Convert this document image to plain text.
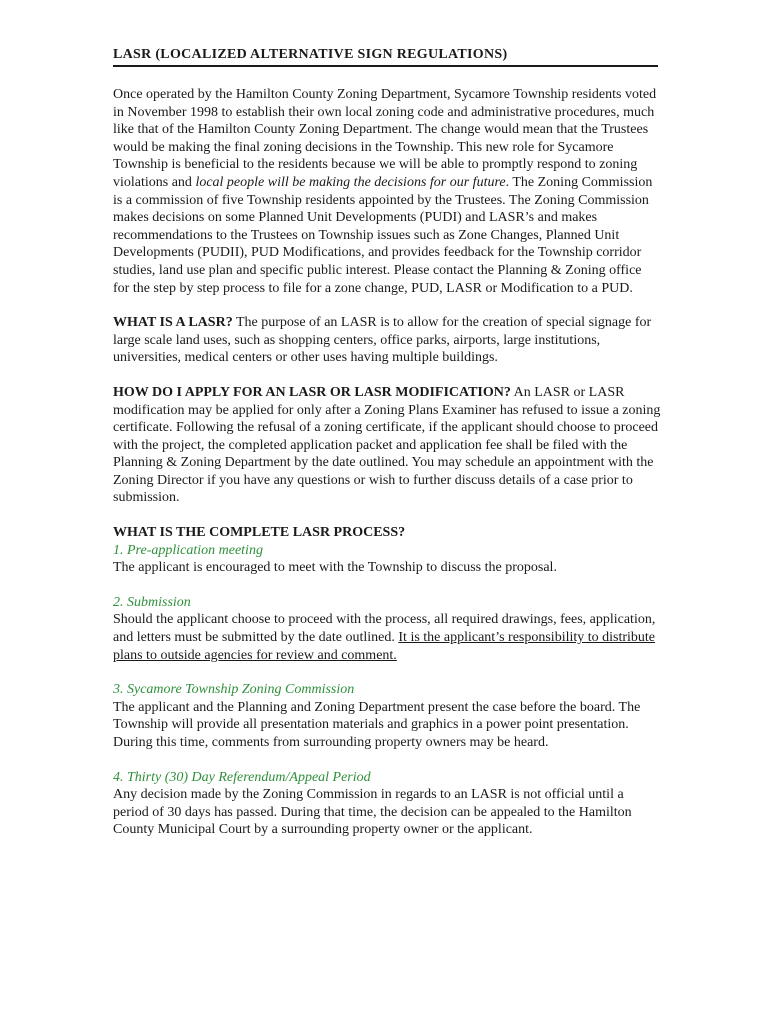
LASR (LOCALIZED ALTERNATIVE SIGN REGULATIONS)

Once operated by the Hamilton County Zoning Department, Sycamore Township residents voted in November 1998 to establish their own local zoning code and administrative procedures, much like that of the Hamilton County Zoning Department. The change would mean that the Trustees would be making the final zoning decisions in the Township. This new role for Sycamore Township is beneficial to the residents because we will be able to promptly respond to zoning violations and local people will be making the decisions for our future. The Zoning Commission is a commission of five Township residents appointed by the Trustees. The Zoning Commission makes decisions on some Planned Unit Developments (PUDI) and LASR’s and makes recommendations to the Trustees on Township issues such as Zone Changes, Planned Unit Developments (PUDII), PUD Modifications, and provides feedback for the Township corridor studies, land use plan and specific public interest. Please contact the Planning & Zoning office for the step by step process to file for a zone change, PUD, LASR or Modification to a PUD.

WHAT IS A LASR? The purpose of an LASR is to allow for the creation of special signage for large scale land uses, such as shopping centers, office parks, airports, large institutions, universities, medical centers or other uses having multiple buildings.

HOW DO I APPLY FOR AN LASR OR LASR MODIFICATION? An LASR or LASR modification may be applied for only after a Zoning Plans Examiner has refused to issue a zoning certificate. Following the refusal of a zoning certificate, if the applicant should choose to proceed with the project, the completed application packet and application fee shall be filed with the Planning & Zoning Department by the date outlined. You may schedule an appointment with the Zoning Director if you have any questions or wish to further discuss details of a case prior to submission.

WHAT IS THE COMPLETE LASR PROCESS?

1. Pre-application meeting

The applicant is encouraged to meet with the Township to discuss the proposal.

2. Submission

Should the applicant choose to proceed with the process, all required drawings, fees, application, and letters must be submitted by the date outlined. It is the applicant’s responsibility to distribute plans to outside agencies for review and comment.

3. Sycamore Township Zoning Commission

The applicant and the Planning and Zoning Department present the case before the board. The Township will provide all presentation materials and graphics in a power point presentation. During this time, comments from surrounding property owners may be heard.

4. Thirty (30) Day Referendum/Appeal Period

Any decision made by the Zoning Commission in regards to an LASR is not official until a period of 30 days has passed. During that time, the decision can be appealed to the Hamilton County Municipal Court by a surrounding property owner or the applicant.
